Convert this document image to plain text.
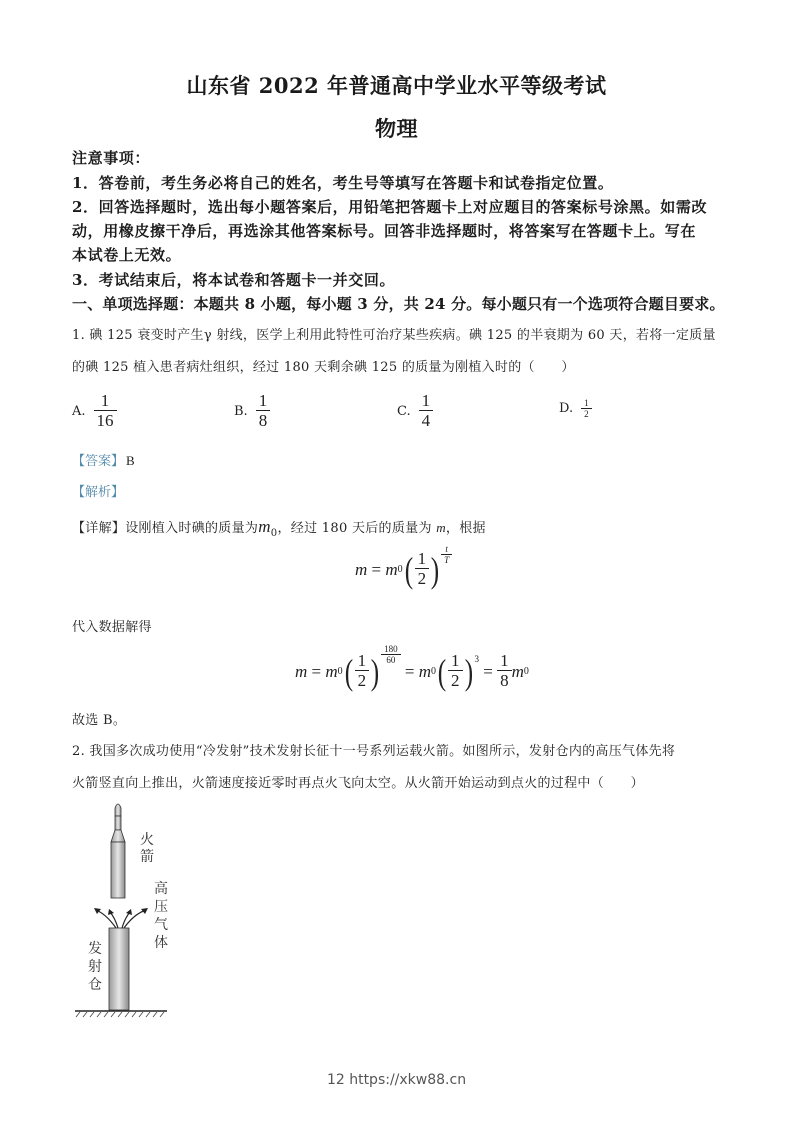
山东省 2022 年普通高中学业水平等级考试
物理
注意事项：
1．答卷前，考生务必将自己的姓名，考生号等填写在答题卡和试卷指定位置。
2．回答选择题时，选出每小题答案后，用铅笔把答题卡上对应题目的答案标号涂黑。如需改
动，用橡皮擦干净后，再选涂其他答案标号。回答非选择题时，将答案写在答题卡上。写在
本试卷上无效。
3．考试结束后，将本试卷和答题卡一并交回。
一、单项选择题：本题共 8 小题，每小题 3 分，共 24 分。每小题只有一个选项符合题目要求。
1. 碘 125 衰变时产生γ 射线，医学上利用此特性可治疗某些疾病。碘 125 的半衰期为 60 天，若将一定质量
的碘 125 植入患者病灶组织，经过 180 天剩余碘 125 的质量为刚植入时的（　　）
A. $\frac{1}{16}$	B. $\frac{1}{8}$	C. $\frac{1}{4}$	D. $\frac{1}{2}$
【答案】 B
【解析】
【详解】设刚植入时碘的质量为$m_0$，经过 180 天后的质量为 m，根据
m = m 0 ( $\frac{1}{2}$ ) $\frac{t}{T}$
代入数据解得
m = m 0 ( $\frac{1}{2}$ ) $\frac{180}{60}$
= m 0 ( $\frac{1}{2}$ ) 3
= $\frac{1}{8}$ m 0
故选 B。
2. 我国多次成功使用“冷发射”技术发射长征十一号系列运载火箭。如图所示，发射仓内的高压气体先将
火箭竖直向上推出，火箭速度接近零时再点火飞向太空。从火箭开始运动到点火的过程中（　　）
火箭
高压气体
发射仓
12 https://xkw88.cn
